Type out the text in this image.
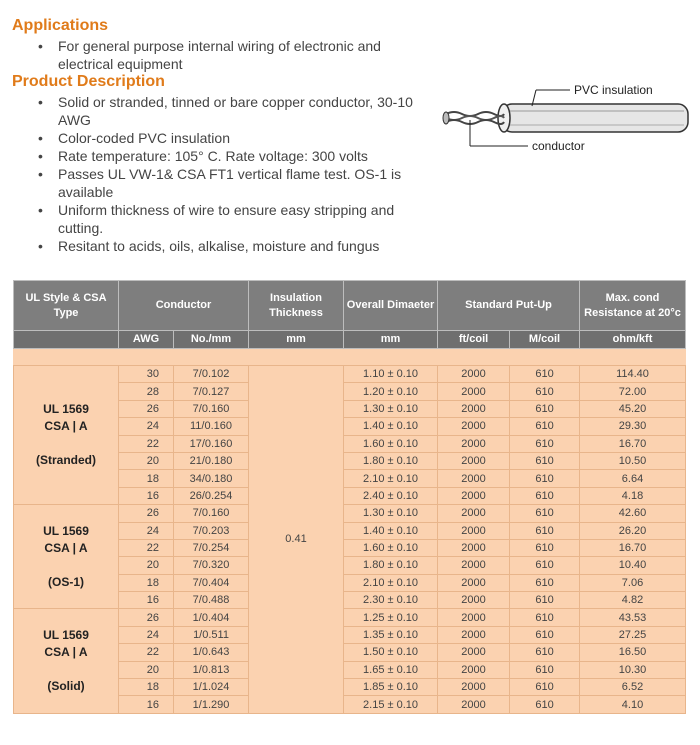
Applications
• For general purpose internal wiring of electronic and electrical equipment
Product Description
• Solid or stranded, tinned or bare copper conductor, 30-10 AWG
• Color-coded PVC insulation
• Rate temperature: 105° C. Rate voltage: 300 volts
• Passes UL VW-1& CSA FT1 vertical flame test. OS-1 is available
• Uniform thickness of wire to ensure easy stripping and cutting.
• Resitant to acids, oils, alkalise, moisture and fungus
PVC insulation
conductor
UL Style & CSA Type	Conductor		Insulation Thickness	Overall Dimaeter	Standard Put-Up		Max. cond Resistance at 20°c
	AWG	No./mm	mm	mm	ft/coil	M/coil	ohm/kft

UL 1569
CSA | A
(Stranded)	30	7/0.102	0.41	1.10 ± 0.10	2000	610	114.40
	28	7/0.127		1.20 ± 0.10	2000	610	72.00
	26	7/0.160		1.30 ± 0.10	2000	610	45.20
	24	11/0.160		1.40 ± 0.10	2000	610	29.30
	22	17/0.160		1.60 ± 0.10	2000	610	16.70
	20	21/0.180		1.80 ± 0.10	2000	610	10.50
	18	34/0.180		2.10 ± 0.10	2000	610	6.64
	16	26/0.254		2.40 ± 0.10	2000	610	4.18

UL 1569
CSA | A
(OS-1)	26	7/0.160		1.30 ± 0.10	2000	610	42.60
	24	7/0.203		1.40 ± 0.10	2000	610	26.20
	22	7/0.254		1.60 ± 0.10	2000	610	16.70
	20	7/0.320		1.80 ± 0.10	2000	610	10.40
	18	7/0.404		2.10 ± 0.10	2000	610	7.06
	16	7/0.488		2.30 ± 0.10	2000	610	4.82

UL 1569
CSA | A
(Solid)	26	1/0.404		1.25 ± 0.10	2000	610	43.53
	24	1/0.511		1.35 ± 0.10	2000	610	27.25
	22	1/0.643		1.50 ± 0.10	2000	610	16.50
	20	1/0.813		1.65 ± 0.10	2000	610	10.30
	18	1/1.024		1.85 ± 0.10	2000	610	6.52
	16	1/1.290		2.15 ± 0.10	2000	610	4.10
